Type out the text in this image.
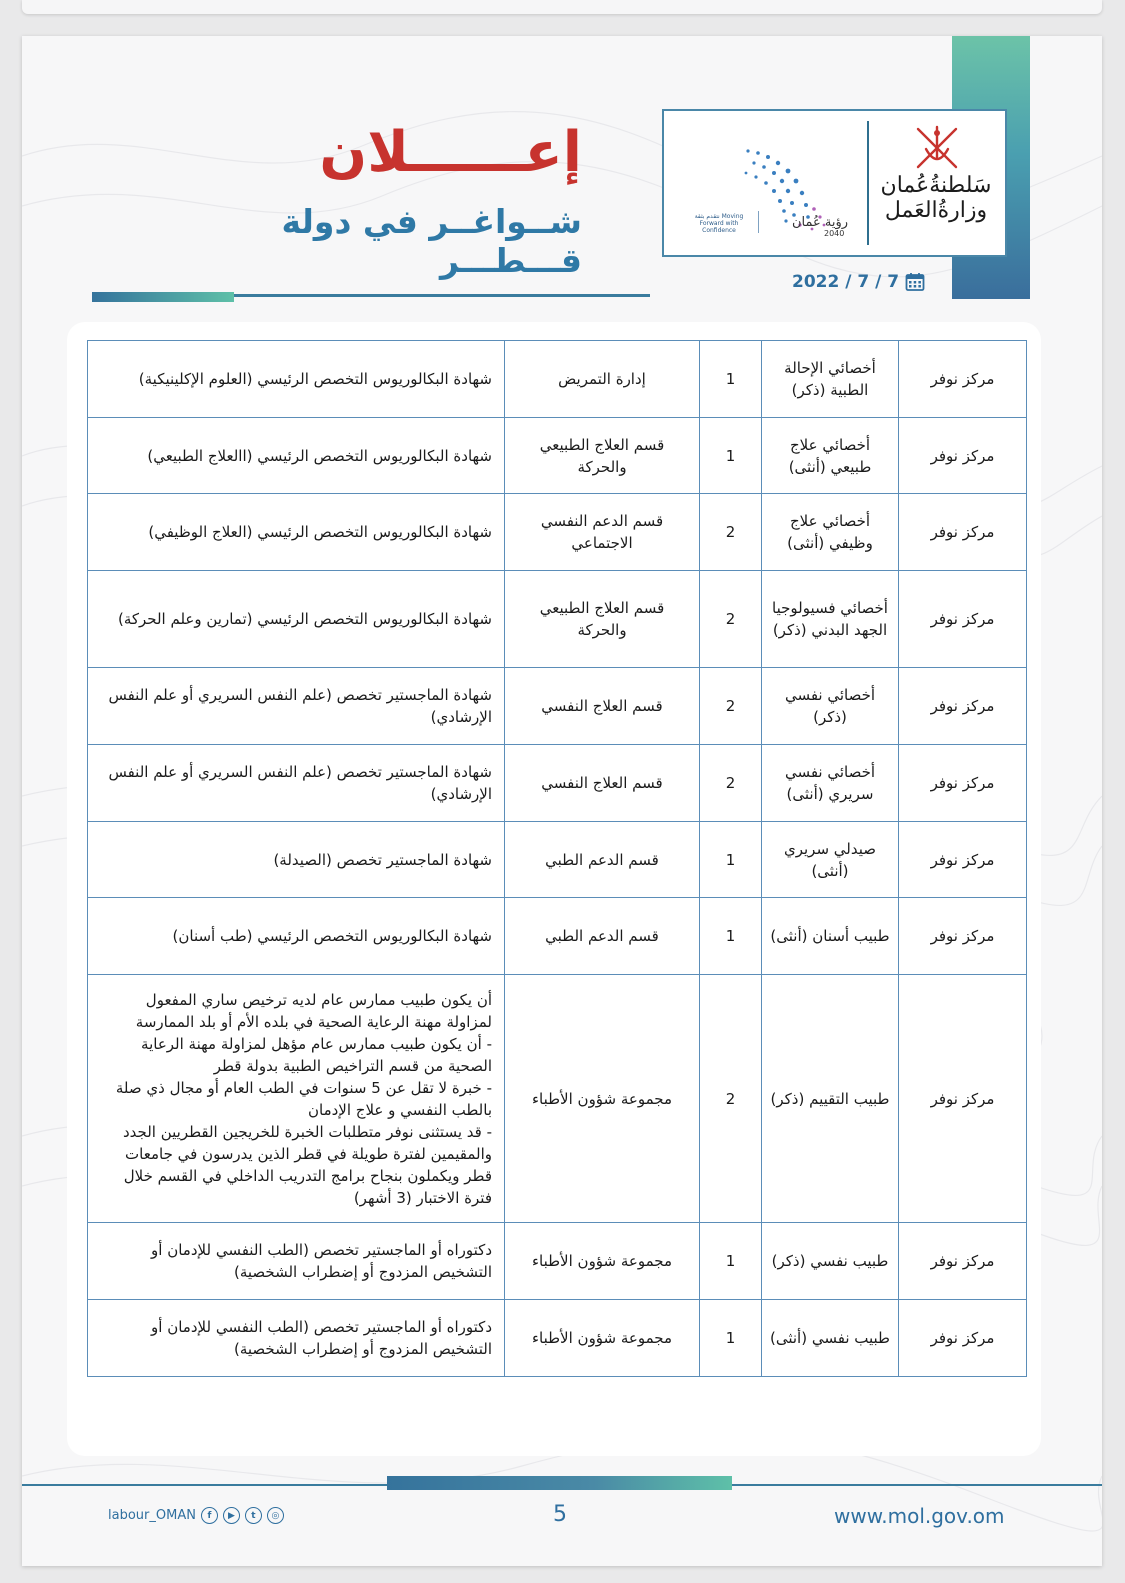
سَلطنةُعُمان
وزارةُالعَمل
رؤية عُمان
2040
نتقدم بثقة Moving Forward with Confidence
إعــــــلان
شــواغــر في دولة قـــطـــر
2022 / 7 / 7
مركز نوفر	أخصائي الإحالة الطبية (ذكر)	1	إدارة التمريض	شهادة البكالوريوس التخصص الرئيسي (العلوم الإكلينيكية)

مركز نوفر	أخصائي علاج طبيعي (أنثى)	1	قسم العلاج الطبيعي والحركة	شهادة البكالوريوس التخصص الرئيسي (االعلاج الطبيعي)

مركز نوفر	أخصائي علاج وظيفي (أنثى)	2	قسم الدعم النفسي الاجتماعي	شهادة البكالوريوس التخصص الرئيسي (العلاج الوظيفي)

مركز نوفر	أخصائي فسيولوجيا الجهد البدني (ذكر)	2	قسم العلاج الطبيعي والحركة	شهادة البكالوريوس التخصص الرئيسي (تمارين وعلم الحركة)

مركز نوفر	أخصائي نفسي (ذكر)	2	قسم العلاج النفسي	شهادة الماجستير تخصص (علم النفس السريري أو علم النفس الإرشادي)

مركز نوفر	أخصائي نفسي سريري (أنثى)	2	قسم العلاج النفسي	شهادة الماجستير تخصص (علم النفس السريري أو علم النفس الإرشادي)

مركز نوفر	صيدلي سريري (أنثى)	1	قسم الدعم الطبي	شهادة الماجستير تخصص (الصيدلة)

مركز نوفر	طبيب أسنان (أنثى)	1	قسم الدعم الطبي	شهادة البكالوريوس التخصص الرئيسي (طب أسنان)

مركز نوفر	طبيب التقييم (ذكر)	2	مجموعة شؤون الأطباء	أن يكون طبيب ممارس عام لديه ترخيص ساري المفعول لمزاولة مهنة الرعاية الصحية في بلده الأم أو بلد الممارسة
- أن يكون طبيب ممارس عام مؤهل لمزاولة مهنة الرعاية الصحية من قسم التراخيص الطبية بدولة قطر
- خبرة لا تقل عن 5 سنوات في الطب العام أو مجال ذي صلة بالطب النفسي و علاج الإدمان
- قد يستثنى نوفر متطلبات الخبرة للخريجين القطريين الجدد والمقيمين لفترة طويلة في قطر الذين يدرسون في جامعات قطر ويكملون بنجاح برامج التدريب الداخلي في القسم خلال فترة الاختبار (3 أشهر)

مركز نوفر	طبيب نفسي (ذكر)	1	مجموعة شؤون الأطباء	دكتوراه أو الماجستير تخصص (الطب النفسي للإدمان أو التشخيص المزدوج أو إضطراب الشخصية)

مركز نوفر	طبيب نفسي (أنثى)	1	مجموعة شؤون الأطباء	دكتوراه أو الماجستير تخصص (الطب النفسي للإدمان أو التشخيص المزدوج أو إضطراب الشخصية)
5	www.mol.gov.om
labour_OMAN	f	▶	t	◎
